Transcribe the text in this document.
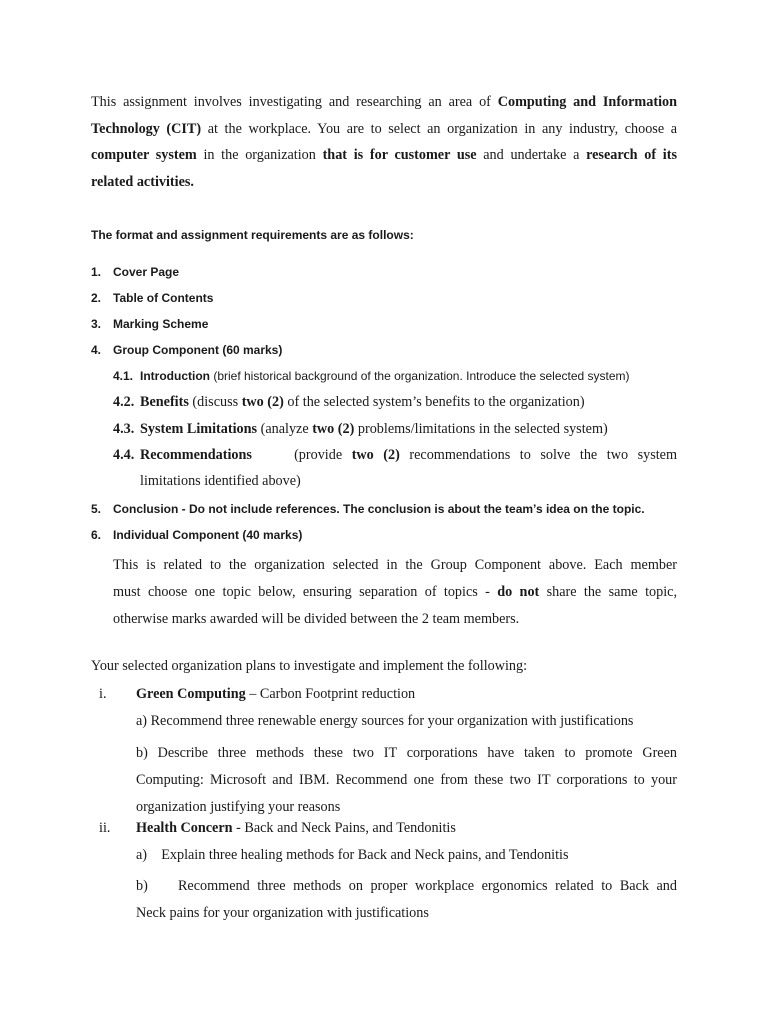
This assignment involves investigating and researching an area of Computing and Information
Technology (CIT) at the workplace. You are to select an organization in any industry, choose a
computer system in the organization that is for customer use and undertake a research of its
related activities.
The format and assignment requirements are as follows:
1. Cover Page
2. Table of Contents
3. Marking Scheme
4. Group Component (60 marks)
4.1. Introduction (brief historical background of the organization. Introduce the selected system)
4.2. Benefits (discuss two (2) of the selected system’s benefits to the organization)
4.3. System Limitations (analyze two (2) problems/limitations in the selected system)
4.4. Recommendations	(provide two (2) recommendations to solve the two system
limitations identified above)
5. Conclusion - Do not include references. The conclusion is about the team’s idea on the topic.
6. Individual Component (40 marks)
This is related to the organization selected in the Group Component above. Each member
must choose one topic below, ensuring separation of topics - do not share the same topic,
otherwise marks awarded will be divided between the 2 team members.
Your selected organization plans to investigate and implement the following:
i. Green Computing – Carbon Footprint reduction
a) Recommend three renewable energy sources for your organization with justifications
b) Describe three methods these two IT corporations have taken to promote Green
Computing: Microsoft and IBM. Recommend one from these two IT corporations to your
organization justifying your reasons
ii. Health Concern - Back and Neck Pains, and Tendonitis
a)    Explain three healing methods for Back and Neck pains, and Tendonitis
b)    Recommend three methods on proper workplace ergonomics related to Back and
Neck pains for your organization with justifications
